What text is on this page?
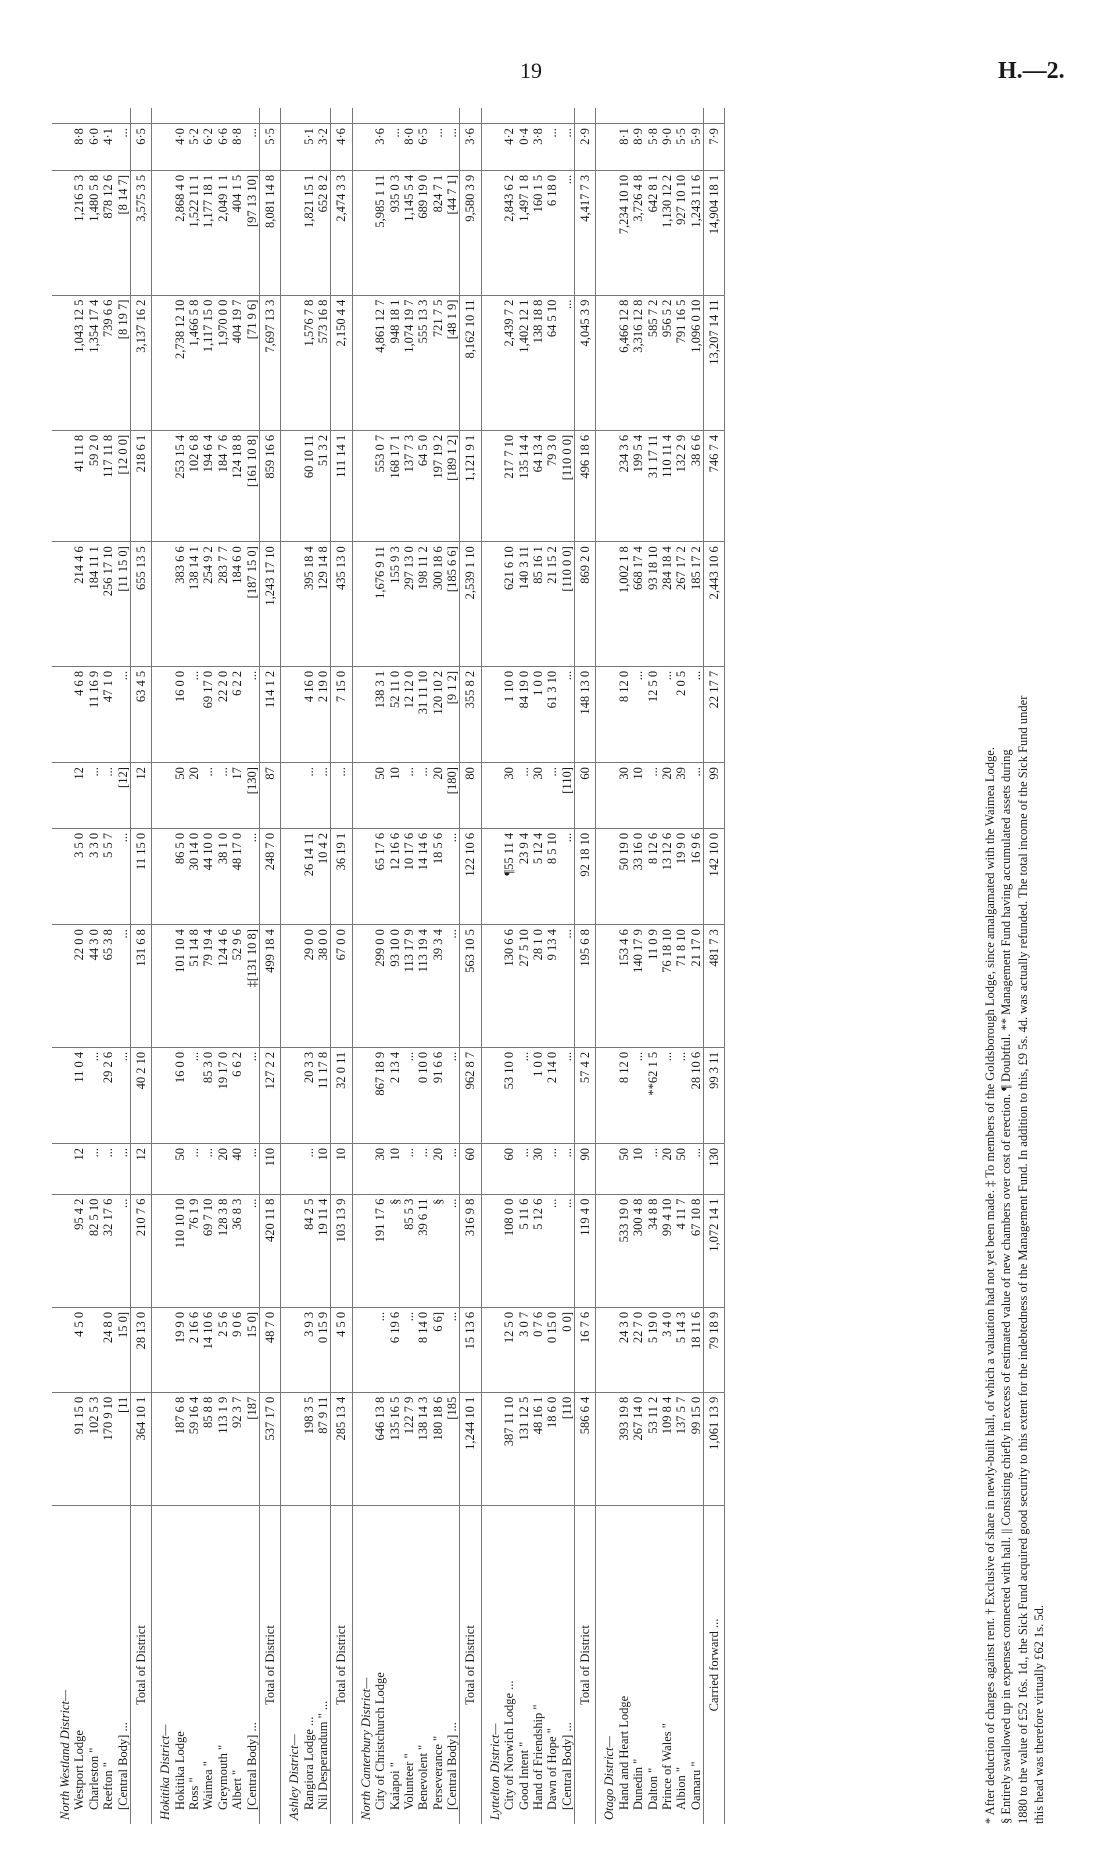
19	H.—2.
North Westland District—															
Westport Lodge	91 15 0	4 5 0	95 4 2	12	11 0 4	22 0 0	3 5 0	12	4 6 8	214 4 6	41 11 8	1,043 12 5	1,216 5 3	8·8	
Charleston "	102 5 3		82 5 10	...	...	44 3 0	3 3 0	...	11 16 9	184 11 1	59 2 0	1,354 17 4	1,480 5 8	6·0	
Reefton "	170 9 10	24 8 0	32 17 6	...	29 2 6	65 3 8	5 5 7	...	47 1 0	256 17 10	117 11 8	739 6 6	878 12 6	4·1	
[Central Body] ...	[11	15 0]	...	...	...	...	...	[12]	...	[11 15 0]	[12 0 0]	[8 19 7]	[8 14 7]	...	
Total of District	364 10 1	28 13 0	210 7 6	12	40 2 10	131 6 8	11 15 0	12	63 4 5	655 13 5	218 6 1	3,137 16 2	3,575 3 5	6·5	
Hokitika District—															
Hokitika Lodge	187 6 8	19 9 0	110 10 10	50	16 0 0	101 10 4	86 5 0	50	16 0 0	383 6 6	253 15 4	2,738 12 10	2,868 4 0	4·0	
Ross "	59 16 4	2 16 6	76 1 9	...	...	51 14 8	30 14 0	20	...	138 14 1	102 6 8	1,466 5 8	1,522 11 1	5·2	
Waimea "	85 8 8	14 10 6	69 7 10	...	85 3 0	79 19 4	44 10 0	...	69 17 0	254 9 2	194 6 4	1,117 15 0	1,177 18 1	6·2	
Greymouth "	113 1 9	2 5 6	128 3 8	20	19 17 0	124 4 6	38 1 0	...	22 2 0	283 7 7	184 7 6	1,970 0 0	2,049 1 1	6·6	
Albert "	92 3 7	9 0 6	36 8 3	40	6 6 2	52 9 6	48 17 0	17	6 2 2	184 6 0	124 18 8	404 19 7	404 1 5	8·8	
[Central Body] ...	[187	15 0]	...	...	...	‡[131 10 8]	...	[130]	...	[187 15 0]	[161 10 8]	[71 9 6]	[97 13 10]	...	
Total of District	537 17 0	48 7 0	420 11 8	110	127 2 2	499 18 4	248 7 0	87	114 1 2	1,243 17 10	859 16 6	7,697 13 3	8,081 14 8	5·5	
Ashley District—															
Rangiora Lodge ...	198 3 5	3 9 3	84 2 5	...	20 3 3	29 0 0	26 14 11	...	4 16 0	395 18 4	60 10 11	1,576 7 8	1,821 15 1	5·1	
Nil Desperandum " ...	87 9 11	0 15 9	19 11 4	10	11 17 8	38 0 0	10 4 2	...	2 19 0	129 14 8	51 3 2	573 16 8	652 8 2	3·2	
Total of District	285 13 4	4 5 0	103 13 9	10	32 0 11	67 0 0	36 19 1	...	7 15 0	435 13 0	111 14 1	2,150 4 4	2,474 3 3	4·6	
North Canterbury District—															
City of Christchurch Lodge	646 13 8	...	191 17 6	30	867 18 9	299 0 0	65 17 6	50	138 3 1	1,676 9 11	553 0 7	4,861 12 7	5,985 1 11	3·6	
Kaiapoi "	135 16 5	6 19 6	§	10	2 13 4	93 10 0	12 16 6	10	52 11 0	155 9 3	168 17 1	948 18 1	935 0 3	...	
Volunteer "	122 7 9	...	85 5 3	...	...	113 17 9	10 17 6	...	12 12 0	297 13 0	137 7 3	1,074 19 7	1,145 5 4	8·0	
Benevolent "	138 14 3	8 14 0	39 6 11	...	0 10 0	113 19 4	14 14 6	...	31 11 10	198 11 2	64 5 0	555 13 3	689 19 0	6·5	
Perseverance "	180 18 6	6 6]	§	20	91 6 6	39 3 4	18 5 6	20	120 10 2	300 18 6	197 19 2	721 7 5	824 7 1	...	
[Central Body] ...	[185	...	...	...	...	...	...	[180]	[9 1 2]	[185 6 6]	[189 1 2]	[48 1 9]	[44 7 1]	...	
Total of District	1,244 10 1	15 13 6	316 9 8	60	962 8 7	563 10 5	122 10 6	80	355 8 2	2,539 1 10	1,121 9 1	8,162 10 11	9,580 3 9	3·6	
Lyttelton District—															
City of Norwich Lodge ...	387 11 10	12 5 0	108 0 0	60	53 10 0	130 6 6	¶55 11 4	30	1 10 0	621 6 10	217 7 10	2,439 7 2	2,843 6 2	4·2	
Good Intent "	131 12 5	3 0 7	5 11 6	...	...	27 5 10	23 9 4	...	84 19 0	140 3 11	135 14 4	1,402 12 1	1,497 1 8	0·4	
Hand of Friendship "	48 16 1	0 7 6	5 12 6	30	1 0 0	28 1 0	5 12 4	30	1 0 0	85 16 1	64 13 4	138 18 8	160 1 5	3·8	
Dawn of Hope "	18 6 0	0 15 0	...	...	2 14 0	9 13 4	8 5 10	...	61 3 10	21 15 2	79 3 0	64 5 10	6 18 0	...	
[Central Body] ...	[110	0 0]	...	...	...	...	...	[110]	...	[110 0 0]	[110 0 0]	...	...	...	
Total of District	586 6 4	16 7 6	119 4 0	90	57 4 2	195 6 8	92 18 10	60	148 13 0	869 2 0	496 18 6	4,045 3 9	4,417 7 3	2·9	
Otago District—															
Hand and Heart Lodge	393 19 8	24 3 0	533 19 0	50	8 12 0	153 4 6	50 19 0	30	8 12 0	1,002 1 8	234 3 6	6,466 12 8	7,234 10 10	8·1	
Dunedin "	267 14 0	22 7 0	300 4 8	10	...	140 17 9	33 16 0	10	...	668 17 4	199 5 4	3,316 12 8	3,726 4 8	8·9	
Dalton "	53 11 2	5 19 0	34 8 8	...	**62 1 5	11 0 9	8 12 6	...	12 5 0	93 18 10	31 17 11	585 7 2	642 8 1	5·8	
Prince of Wales "	109 8 4	3 4 0	99 4 10	20	...	76 18 10	13 12 6	20	...	284 18 4	110 11 4	956 5 2	1,130 12 2	9·0	
Albion "	137 5 7	5 14 3	4 11 7	50	...	71 8 10	19 9 0	39	2 0 5	267 17 2	132 2 9	791 16 5	927 10 10	5·5	
Oamaru "	99 15 0	18 11 6	67 10 8	...	28 10 6	21 17 0	16 9 6	...	...	185 17 2	38 6 6	1,096 0 10	1,243 11 6	5·9	
Carried forward ...	1,061 13 9	79 18 9	1,072 14 1	130	99 3 11	481 7 3	142 10 0	99	22 17 7	2,443 10 6	746 7 4	13,207 14 11	14,904 18 1	7·9	

* After deduction of charges against rent. † Exclusive of share in newly-built hall, of which a valuation had not yet been made. ‡ To members of the Goldsborough Lodge, since amalgamated with the Waimea Lodge. § Entirely swallowed up in expenses connected with hall. || Consisting chiefly in excess of estimated value of new chambers over cost of erection. ¶ Doubtful. ** Management Fund having accumulated assets during 1880 to the value of £52 16s. 1d., the Sick Fund acquired good security to this extent for the indebtedness of the Management Fund. In addition to this, £9 5s. 4d. was actually refunded. The total income of the Sick Fund under this head was therefore virtually £62 1s. 5d.
